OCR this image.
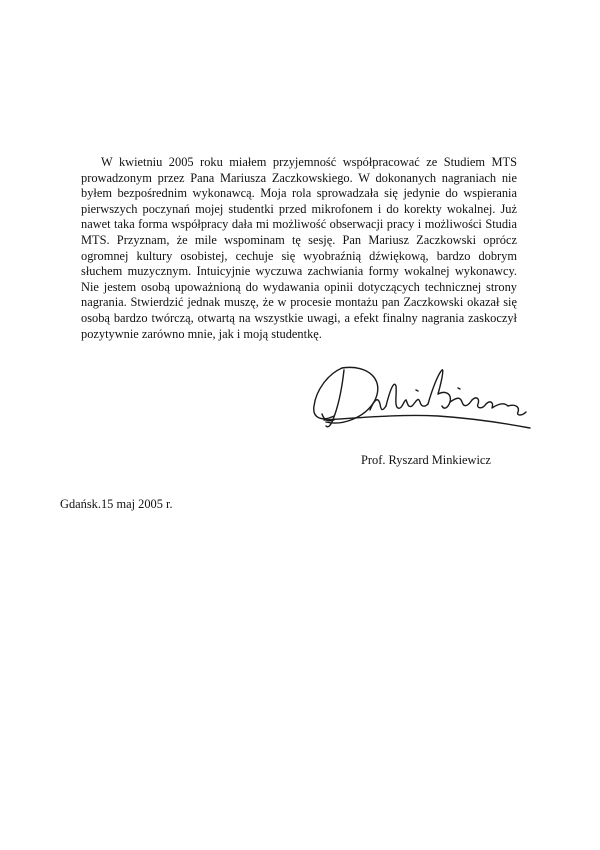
W kwietniu 2005 roku miałem przyjemność współpracować ze Studiem MTS prowadzonym przez Pana Mariusza Zaczkowskiego. W dokonanych nagraniach nie byłem bezpośrednim wykonawcą. Moja rola sprowadzała się jedynie do wspierania pierwszych poczynań mojej studentki przed mikrofonem i do korekty wokalnej. Już nawet taka forma współpracy dała mi możliwość obserwacji pracy i możliwości Studia MTS. Przyznam, że mile wspominam tę sesję. Pan Mariusz Zaczkowski oprócz ogromnej kultury osobistej, cechuje się wyobraźnią dźwiękową, bardzo dobrym słuchem muzycznym. Intuicyjnie wyczuwa zachwiania formy wokalnej wykonawcy. Nie jestem osobą upoważnioną do wydawania opinii dotyczących technicznej strony nagrania. Stwierdzić jednak muszę, że w procesie montażu pan Zaczkowski okazał się osobą bardzo twórczą, otwartą na wszystkie uwagi, a efekt finalny nagrania zaskoczył pozytywnie zarówno mnie, jak i moją studentkę.

Prof. Ryszard Minkiewicz
Gdańsk.15 maj 2005 r.
